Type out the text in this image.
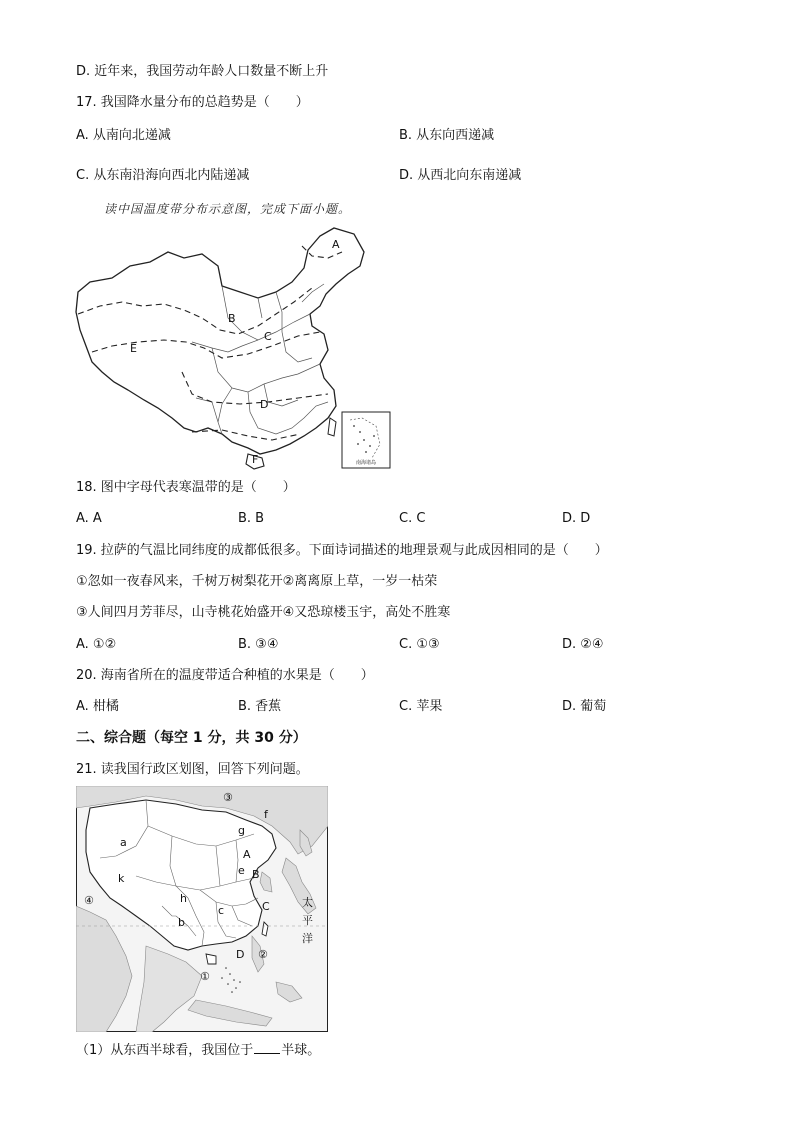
D. 近年来，我国劳动年龄人口数量不断上升
17. 我国降水量分布的总趋势是（　　）
A. 从南向北递减	B. 从东向西递减
C. 从东南沿海向西北内陆递减	D. 从西北向东南递减
读中国温度带分布示意图，完成下面小题。
南海诸岛
A
B
C
D
E
F
18. 图中字母代表寒温带的是（　　）
A. A	B. B	C. C	D. D
19. 拉萨的气温比同纬度的成都低很多。下面诗词描述的地理景观与此成因相同的是（　　）
①忽如一夜春风来，千树万树梨花开②离离原上草，一岁一枯荣
③人间四月芳菲尽，山寺桃花始盛开④又恐琼楼玉宇，高处不胜寒
A. ①②	B. ③④	C. ①③	D. ②④
20. 海南省所在的温度带适合种植的水果是（　　）
A. 柑橘	B. 香蕉	C. 苹果	D. 葡萄
二、综合题（每空 1 分，共 30 分）
21. 读我国行政区划图，回答下列问题。
③
f
g
a
A
e B
k
④	h
c	C
b
D ②
①
太
平
洋
（1）从东西半球看，我国位于 半球。
